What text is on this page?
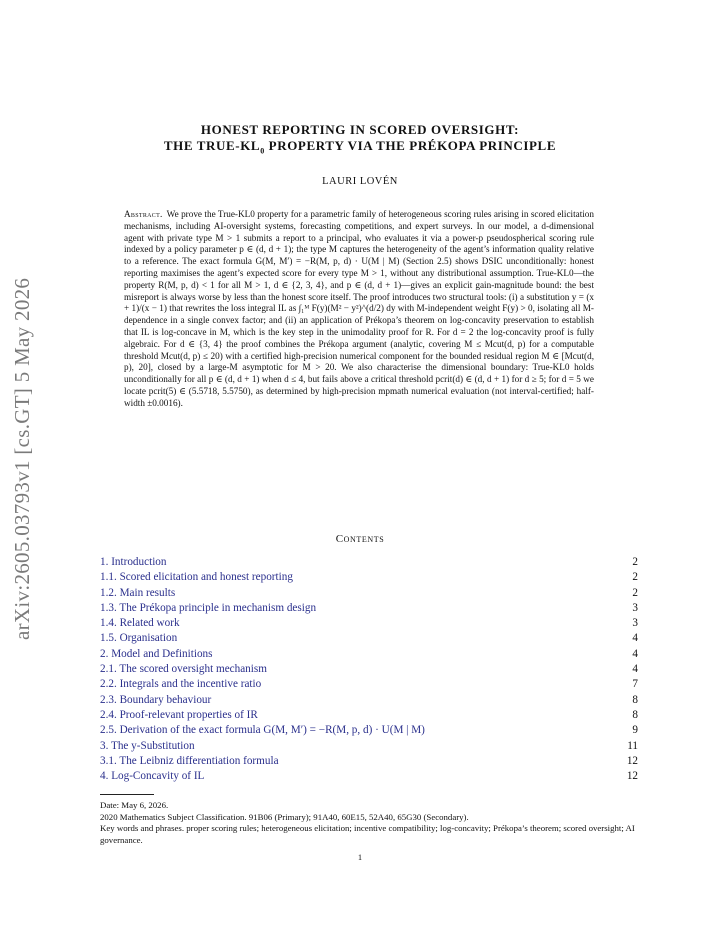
arXiv:2605.03793v1 [cs.GT] 5 May 2026
HONEST REPORTING IN SCORED OVERSIGHT:
THE TRUE-$KL_0$ PROPERTY VIA THE PRÉKOPA PRINCIPLE
LAURI LOVÉN
Abstract. We prove the True-KL0 property for a parametric family of heterogeneous scoring rules arising in scored elicitation mechanisms, including AI-oversight systems, forecasting competitions, and expert surveys. In our model, a d-dimensional agent with private type M > 1 submits a report to a principal, who evaluates it via a power-p pseudospherical scoring rule indexed by a policy parameter p ∈ (d, d + 1); the type M captures the heterogeneity of the agent’s information quality relative to a reference. The exact formula G(M, M′) = −R(M, p, d) · U(M | M) (Section 2.5) shows DSIC unconditionally: honest reporting maximises the agent’s expected score for every type M > 1, without any distributional assumption. True-KL0—the property R(M, p, d) < 1 for all M > 1, d ∈ {2, 3, 4}, and p ∈ (d, d + 1)—gives an explicit gain-magnitude bound: the best misreport is always worse by less than the honest score itself. The proof introduces two structural tools: (i) a substitution y = (x + 1)/(x − 1) that rewrites the loss integral IL as ∫₁ᴹ F(y)(M² − y²)^(d/2) dy with M-independent weight F(y) > 0, isolating all M-dependence in a single convex factor; and (ii) an application of Prékopa’s theorem on log-concavity preservation to establish that IL is log-concave in M, which is the key step in the unimodality proof for R. For d = 2 the log-concavity proof is fully algebraic. For d ∈ {3, 4} the proof combines the Prékopa argument (analytic, covering M ≤ Mcut(d, p) for a computable threshold Mcut(d, p) ≤ 20) with a certified high-precision numerical component for the bounded residual region M ∈ [Mcut(d, p), 20], closed by a large-M asymptotic for M > 20. We also characterise the dimensional boundary: True-KL0 holds unconditionally for all p ∈ (d, d + 1) when d ≤ 4, but fails above a critical threshold pcrit(d) ∈ (d, d + 1) for d ≥ 5; for d = 5 we locate pcrit(5) ∈ (5.5718, 5.5750), as determined by high-precision mpmath numerical evaluation (not interval-certified; half-width ±0.0016).
Contents
1. Introduction	2
1.1. Scored elicitation and honest reporting	2
1.2. Main results	2
1.3. The Prékopa principle in mechanism design	3
1.4. Related work	3
1.5. Organisation	4
2. Model and Definitions	4
2.1. The scored oversight mechanism	4
2.2. Integrals and the incentive ratio	7
2.3. Boundary behaviour	8
2.4. Proof-relevant properties of IR	8
2.5. Derivation of the exact formula G(M, M′) = −R(M, p, d) · U(M | M)	9
3. The y-Substitution	11
3.1. The Leibniz differentiation formula	12
4. Log-Concavity of IL	12
Date: May 6, 2026.
2020 Mathematics Subject Classification. 91B06 (Primary); 91A40, 60E15, 52A40, 65G30 (Secondary).
Key words and phrases. proper scoring rules; heterogeneous elicitation; incentive compatibility; log-concavity; Prékopa’s theorem; scored oversight; AI governance.
1
